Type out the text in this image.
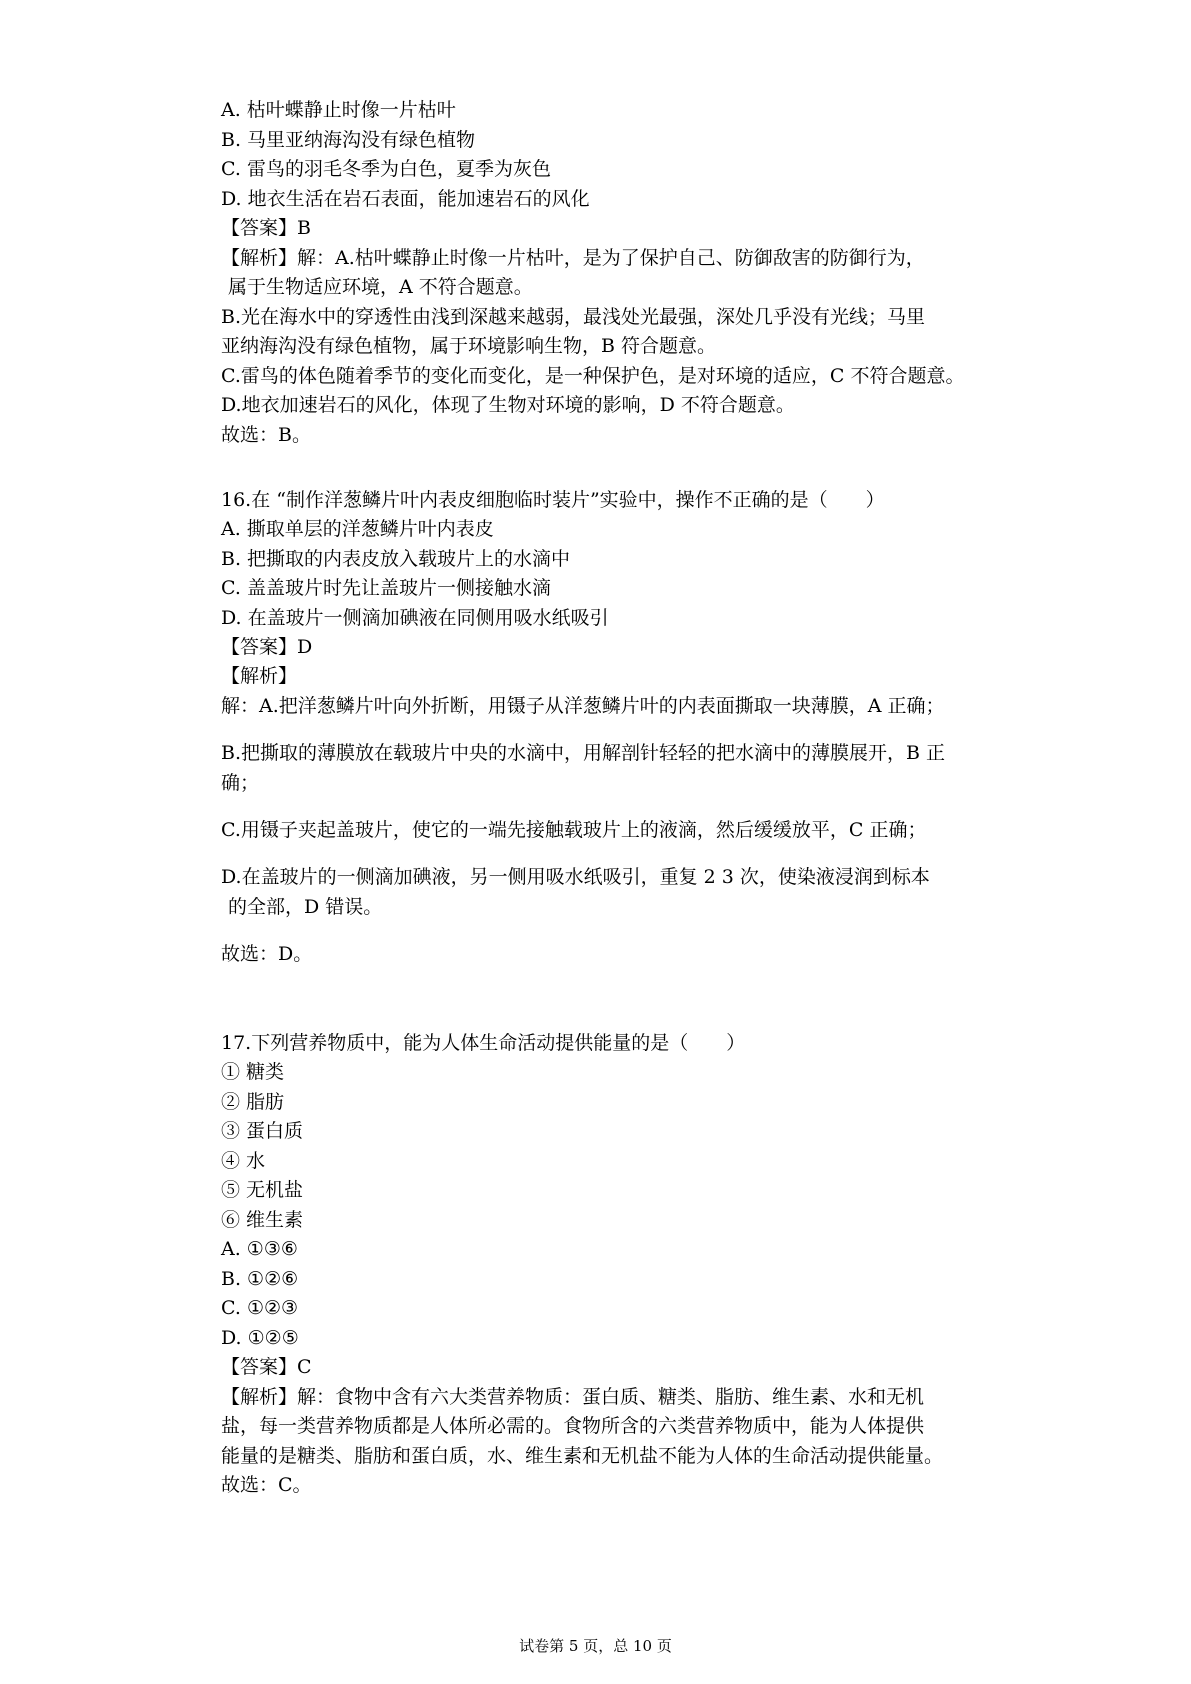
A. 枯叶蝶静止时像一片枯叶
B. 马里亚纳海沟没有绿色植物
C. 雷鸟的羽毛冬季为白色，夏季为灰色
D. 地衣生活在岩石表面，能加速岩石的风化
【答案】B
【解析】解：A.枯叶蝶静止时像一片枯叶，是为了保护自己、防御敌害的防御行为，
属于生物适应环境，A 不符合题意。
B.光在海水中的穿透性由浅到深越来越弱，最浅处光最强，深处几乎没有光线；马里
亚纳海沟没有绿色植物，属于环境影响生物，B 符合题意。
C.雷鸟的体色随着季节的变化而变化，是一种保护色，是对环境的适应，C 不符合题意。
D.地衣加速岩石的风化，体现了生物对环境的影响，D 不符合题意。
故选：B。
16.在 “制作洋葱鳞片叶内表皮细胞临时装片”实验中，操作不正确的是（　　）
A. 撕取单层的洋葱鳞片叶内表皮
B. 把撕取的内表皮放入载玻片上的水滴中
C. 盖盖玻片时先让盖玻片一侧接触水滴
D. 在盖玻片一侧滴加碘液在同侧用吸水纸吸引
【答案】D
【解析】
解：A.把洋葱鳞片叶向外折断，用镊子从洋葱鳞片叶的内表面撕取一块薄膜，A 正确；
B.把撕取的薄膜放在载玻片中央的水滴中，用解剖针轻轻的把水滴中的薄膜展开，B 正
确；
C.用镊子夹起盖玻片，使它的一端先接触载玻片上的液滴，然后缓缓放平，C 正确；
D.在盖玻片的一侧滴加碘液，另一侧用吸水纸吸引，重复 2 3 次，使染液浸润到标本
的全部，D 错误。
故选：D。
17.下列营养物质中，能为人体生命活动提供能量的是（　　）
① 糖类
② 脂肪
③ 蛋白质
④ 水
⑤ 无机盐
⑥ 维生素
A. ①③⑥
B. ①②⑥
C. ①②③
D. ①②⑤
【答案】C
【解析】解：食物中含有六大类营养物质：蛋白质、糖类、脂肪、维生素、水和无机
盐，每一类营养物质都是人体所必需的。食物所含的六类营养物质中，能为人体提供
能量的是糖类、脂肪和蛋白质，水、维生素和无机盐不能为人体的生命活动提供能量。
故选：C。
试卷第 5 页，总 10 页
